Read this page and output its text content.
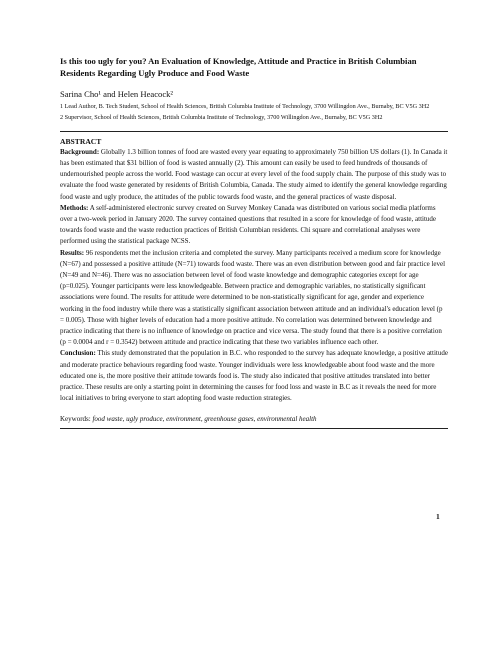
Is this too ugly for you? An Evaluation of Knowledge, Attitude and Practice in British Columbian Residents Regarding Ugly Produce and Food Waste

Sarina Cho¹ and Helen Heacock²
1 Lead Author, B. Tech Student, School of Health Sciences, British Columbia Institute of Technology, 3700 Willingdon Ave., Burnaby, BC V5G 3H2
2 Supervisor, School of Health Sciences, British Columbia Institute of Technology, 3700 Willingdon Ave., Burnaby, BC V5G 3H2

ABSTRACT

Background: Globally 1.3 billion tonnes of food are wasted every year equating to approximately 750 billion US dollars (1). In Canada it has been estimated that $31 billion of food is wasted annually (2). This amount can easily be used to feed hundreds of thousands of undernourished people across the world. Food wastage can occur at every level of the food supply chain. The purpose of this study was to evaluate the food waste generated by residents of British Columbia, Canada. The study aimed to identify the general knowledge regarding food waste and ugly produce, the attitudes of the public towards food waste, and the general practices of waste disposal.

Methods: A self-administered electronic survey created on Survey Monkey Canada was distributed on various social media platforms over a two-week period in January 2020. The survey contained questions that resulted in a score for knowledge of food waste, attitude towards food waste and the waste reduction practices of British Columbian residents. Chi square and correlational analyses were performed using the statistical package NCSS.

Results: 96 respondents met the inclusion criteria and completed the survey. Many participants received a medium score for knowledge (N=67) and possessed a positive attitude (N=71) towards food waste. There was an even distribution between good and fair practice level (N=49 and N=46). There was no association between level of food waste knowledge and demographic categories except for age (p=0.025). Younger participants were less knowledgeable. Between practice and demographic variables, no statistically significant associations were found. The results for attitude were determined to be non-statistically significant for age, gender and experience working in the food industry while there was a statistically significant association between attitude and an individual's education level (p = 0.005). Those with higher levels of education had a more positive attitude. No correlation was determined between knowledge and practice indicating that there is no influence of knowledge on practice and vice versa. The study found that there is a positive correlation (p = 0.0004 and r = 0.3542) between attitude and practice indicating that these two variables influence each other.

Conclusion: This study demonstrated that the population in B.C. who responded to the survey has adequate knowledge, a positive attitude and moderate practice behaviours regarding food waste. Younger individuals were less knowledgeable about food waste and the more educated one is, the more positive their attitude towards food is. The study also indicated that positive attitudes translated into better practice. These results are only a starting point in determining the causes for food loss and waste in B.C as it reveals the need for more local initiatives to bring everyone to start adopting food waste reduction strategies.

Keywords: food waste, ugly produce, environment, greenhouse gases, environmental health
1
